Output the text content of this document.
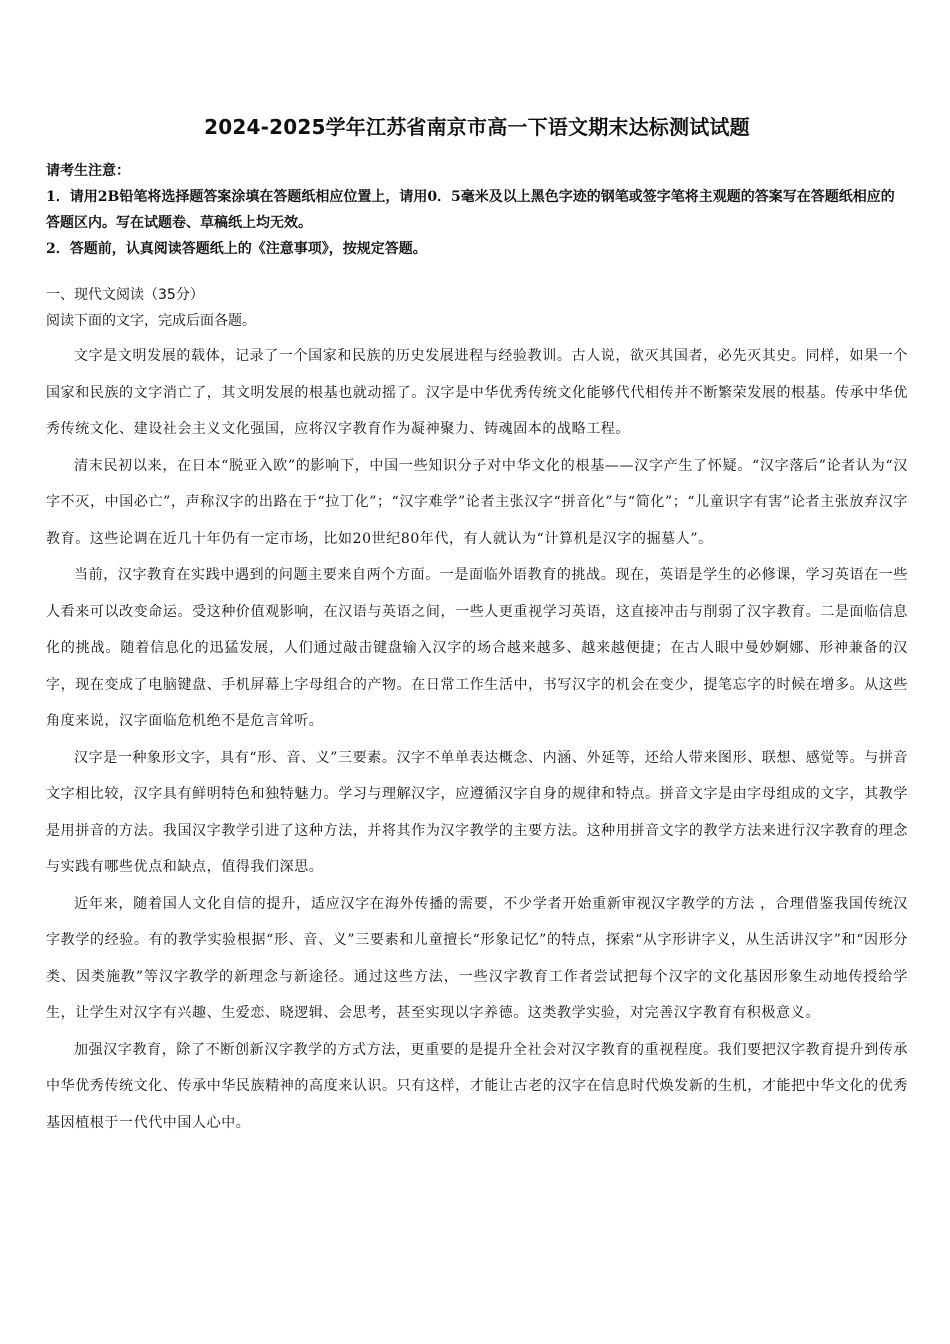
2024-2025学年江苏省南京市高一下语文期末达标测试试题

请考生注意：

1．请用2B铅笔将选择题答案涂填在答题纸相应位置上，请用0．5毫米及以上黑色字迹的钢笔或签字笔将主观题的答案写在答题纸相应的答题区内。写在试题卷、草稿纸上均无效。

2．答题前，认真阅读答题纸上的《注意事项》，按规定答题。

一、现代文阅读（35分）
阅读下面的文字，完成后面各题。

文字是文明发展的载体，记录了一个国家和民族的历史发展进程与经验教训。古人说，欲灭其国者，必先灭其史。同样，如果一个国家和民族的文字消亡了，其文明发展的根基也就动摇了。汉字是中华优秀传统文化能够代代相传并不断繁荣发展的根基。传承中华优秀传统文化、建设社会主义文化强国，应将汉字教育作为凝神聚力、铸魂固本的战略工程。

清末民初以来，在日本“脱亚入欧”的影响下，中国一些知识分子对中华文化的根基——汉字产生了怀疑。“汉字落后”论者认为“汉字不灭，中国必亡”，声称汉字的出路在于“拉丁化”；“汉字难学”论者主张汉字“拼音化”与“简化”；“儿童识字有害”论者主张放弃汉字教育。这些论调在近几十年仍有一定市场，比如20世纪80年代，有人就认为“计算机是汉字的掘墓人”。

当前，汉字教育在实践中遇到的问题主要来自两个方面。一是面临外语教育的挑战。现在，英语是学生的必修课，学习英语在一些人看来可以改变命运。受这种价值观影响，在汉语与英语之间，一些人更重视学习英语，这直接冲击与削弱了汉字教育。二是面临信息化的挑战。随着信息化的迅猛发展，人们通过敲击键盘输入汉字的场合越来越多、越来越便捷；在古人眼中曼妙婀娜、形神兼备的汉字，现在变成了电脑键盘、手机屏幕上字母组合的产物。在日常工作生活中，书写汉字的机会在变少，提笔忘字的时候在增多。从这些角度来说，汉字面临危机绝不是危言耸听。

汉字是一种象形文字，具有“形、音、义”三要素。汉字不单单表达概念、内涵、外延等，还给人带来图形、联想、感觉等。与拼音文字相比较，汉字具有鲜明特色和独特魅力。学习与理解汉字，应遵循汉字自身的规律和特点。拼音文字是由字母组成的文字，其教学是用拼音的方法。我国汉字教学引进了这种方法，并将其作为汉字教学的主要方法。这种用拼音文字的教学方法来进行汉字教育的理念与实践有哪些优点和缺点，值得我们深思。

近年来，随着国人文化自信的提升，适应汉字在海外传播的需要，不少学者开始重新审视汉字教学的方法 ，合理借鉴我国传统汉字教学的经验。有的教学实验根据“形、音、义”三要素和儿童擅长“形象记忆”的特点，探索“从字形讲字义，从生活讲汉字”和“因形分类、因类施教”等汉字教学的新理念与新途径。通过这些方法，一些汉字教育工作者尝试把每个汉字的文化基因形象生动地传授给学生，让学生对汉字有兴趣、生爱恋、晓逻辑、会思考，甚至实现以字养德。这类教学实验，对完善汉字教育有积极意义。

加强汉字教育，除了不断创新汉字教学的方式方法，更重要的是提升全社会对汉字教育的重视程度。我们要把汉字教育提升到传承中华优秀传统文化、传承中华民族精神的高度来认识。只有这样，才能让古老的汉字在信息时代焕发新的生机，才能把中华文化的优秀基因植根于一代代中国人心中。
